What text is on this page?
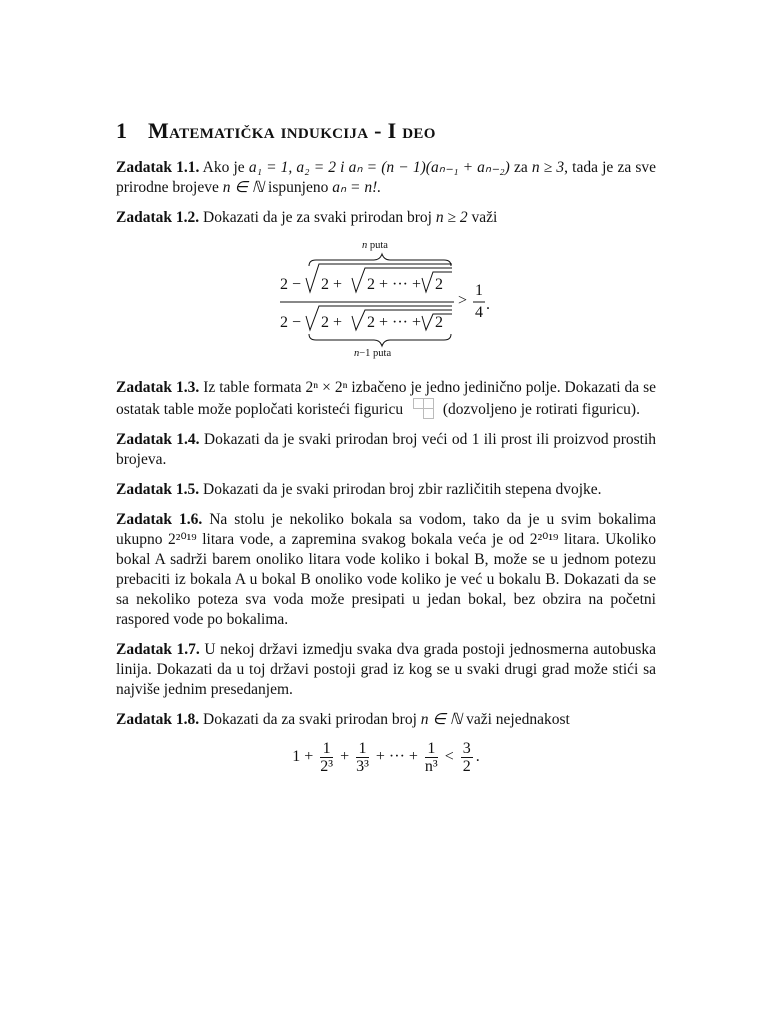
1 Matematička indukcija - I deo

Zadatak 1.1. Ako je a₁ = 1, a₂ = 2 i aₙ = (n − 1)(aₙ₋₁ + aₙ₋₂) za n ≥ 3, tada je za sve prirodne brojeve n ∈ ℕ ispunjeno aₙ = n!.

Zadatak 1.2. Dokazati da je za svaki prirodan broj n ≥ 2 važi

n puta
2 − 2 + 2 + ··· + 2
2 − 2 + 2 + ··· + 2
>
1
4 .
n−1 puta

Zadatak 1.3. Iz table formata 2ⁿ × 2ⁿ izbačeno je jedno jedinično polje. Dokazati da se ostatak table može popločati koristeći figuricu	(dozvoljeno je rotirati figuricu).

Zadatak 1.4. Dokazati da je svaki prirodan broj veći od 1 ili prost ili proizvod prostih brojeva.

Zadatak 1.5. Dokazati da je svaki prirodan broj zbir različitih stepena dvojke.

Zadatak 1.6. Na stolu je nekoliko bokala sa vodom, tako da je u svim bokalima ukupno 2²⁰¹⁹ litara vode, a zapremina svakog bokala veća je od 2²⁰¹⁹ litara. Ukoliko bokal A sadrži barem onoliko litara vode koliko i bokal B, može se u jednom potezu prebaciti iz bokala A u bokal B onoliko vode koliko je već u bokalu B. Dokazati da se sa nekoliko poteza sva voda može presipati u jedan bokal, bez obzira na početni raspored vode po bokalima.

Zadatak 1.7. U nekoj državi izmedju svaka dva grada postoji jednosmerna autobuska linija. Dokazati da u toj državi postoji grad iz kog se u svaki drugi grad može stići sa najviše jednim presedanjem.

Zadatak 1.8. Dokazati da za svaki prirodan broj n ∈ ℕ važi nejednakost

$1 + \frac{1}{\text{2³}} + \frac{1}{\text{3³}}$ + ··· + $\frac{1}{\text{n³}} < \frac{3}{2}$ .
